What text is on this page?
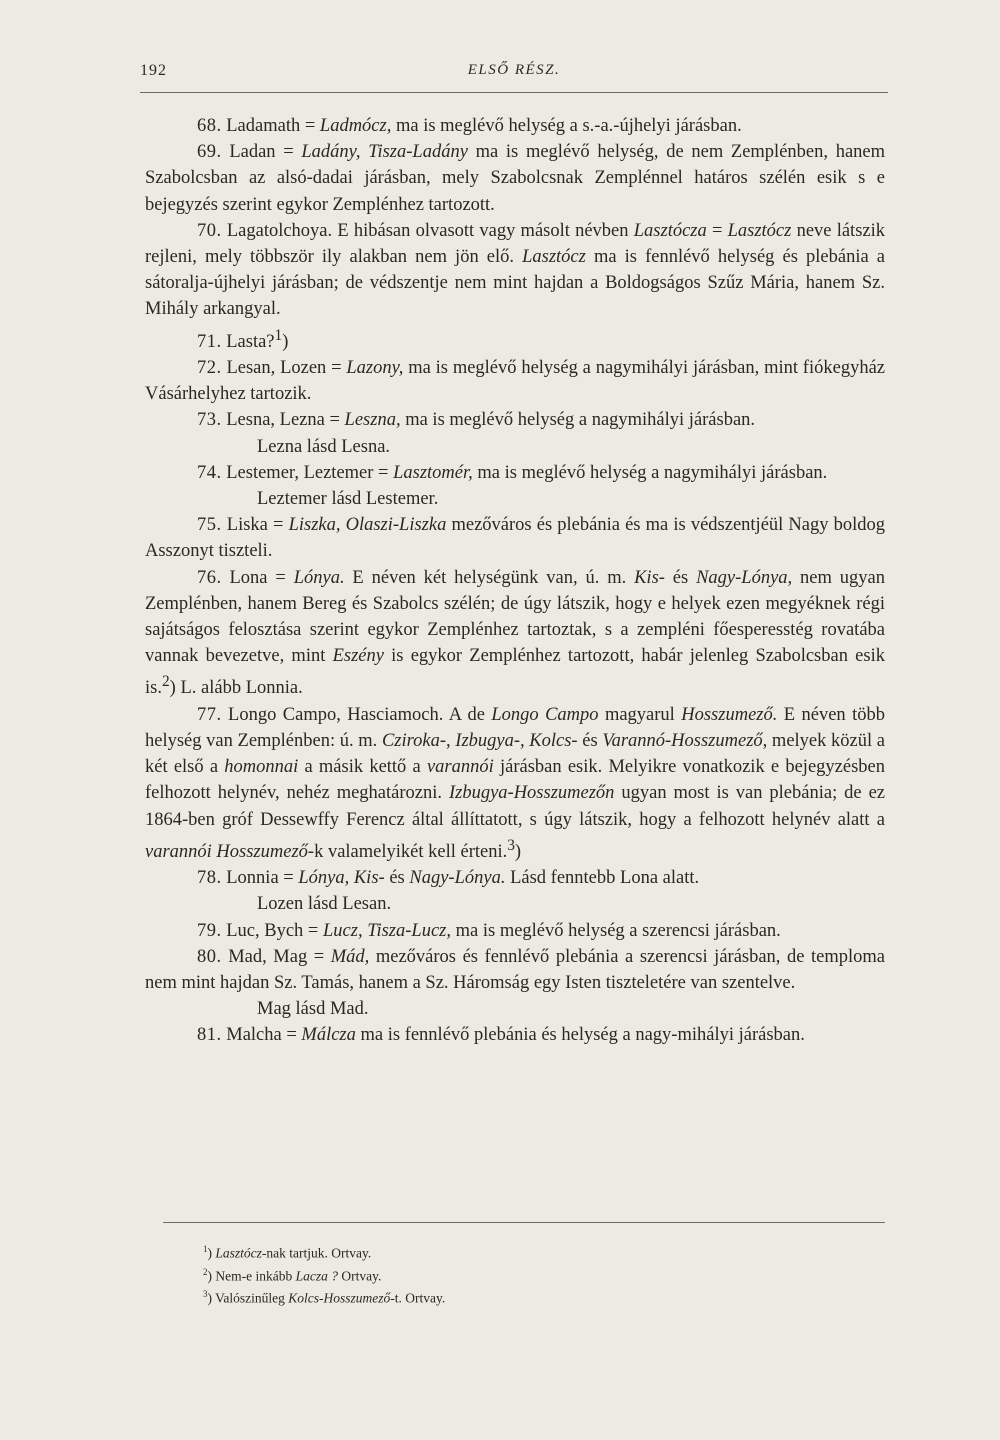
192	ELSŐ RÉSZ.

68. Ladamath = Ladmócz, ma is meglévő helység a s.-a.-újhelyi járásban.

69. Ladan = Ladány, Tisza-Ladány ma is meglévő helység, de nem Zemplénben, hanem Szabolcsban az alsó-dadai járásban, mely Szabolcsnak Zemplénnel határos szélén esik s e bejegyzés szerint egykor Zemplénhez tartozott.

70. Lagatolchoya. E hibásan olvasott vagy másolt névben Lasztócza = Lasztócz neve látszik rejleni, mely többször ily alakban nem jön elő. Lasztócz ma is fennlévő helység és plebánia a sátoralja-újhelyi járásban; de védszentje nem mint hajdan a Boldogságos Szűz Mária, hanem Sz. Mihály arkangyal.

71. Lasta?$^1$)

72. Lesan, Lozen = Lazony, ma is meglévő helység a nagymihályi járásban, mint fiókegyház Vásárhelyhez tartozik.

73. Lesna, Lezna = Leszna, ma is meglévő helység a nagymihályi járásban.

Lezna lásd Lesna.

74. Lestemer, Leztemer = Lasztomér, ma is meglévő helység a nagymihályi járásban.

Leztemer lásd Lestemer.

75. Liska = Liszka, Olaszi-Liszka mezőváros és plebánia és ma is védszentjéül Nagy boldog Asszonyt tiszteli.

76. Lona = Lónya. E néven két helységünk van, ú. m. Kis- és Nagy-Lónya, nem ugyan Zemplénben, hanem Bereg és Szabolcs szélén; de úgy látszik, hogy e helyek ezen megyéknek régi sajátságos felosztása szerint egykor Zemplénhez tartoztak, s a zempléni főesperesstég rovatába vannak bevezetve, mint Eszény is egykor Zemplénhez tartozott, habár jelenleg Szabolcsban esik is.$^2$) L. alább Lonnia.

77. Longo Campo, Hasciamoch. A de Longo Campo magyarul Hosszumező. E néven több helység van Zemplénben: ú. m. Cziroka-, Izbugya-, Kolcs- és Varannó-Hosszumező, melyek közül a két első a homonnai a másik kettő a varannói járásban esik. Melyikre vonatkozik e bejegyzésben felhozott helynév, nehéz meghatározni. Izbugya-Hosszumezőn ugyan most is van plebánia; de ez 1864-ben gróf Dessewffy Ferencz által állíttatott, s úgy látszik, hogy a felhozott helynév alatt a varannói Hosszumező-k valamelyikét kell érteni.$^3$)

78. Lonnia = Lónya, Kis- és Nagy-Lónya. Lásd fenntebb Lona alatt.

Lozen lásd Lesan.

79. Luc, Bych = Lucz, Tisza-Lucz, ma is meglévő helység a szerencsi járásban.

80. Mad, Mag = Mád, mezőváros és fennlévő plebánia a szerencsi járásban, de temploma nem mint hajdan Sz. Tamás, hanem a Sz. Háromság egy Isten tiszteletére van szentelve.

Mag lásd Mad.

81. Malcha = Málcza ma is fennlévő plebánia és helység a nagy-mihályi járásban.

$^1$) Lasztócz-nak tartjuk. Ortvay.

$^2$) Nem-e inkább Lacza ? Ortvay.

$^3$) Valószinűleg Kolcs-Hosszumező-t. Ortvay.
